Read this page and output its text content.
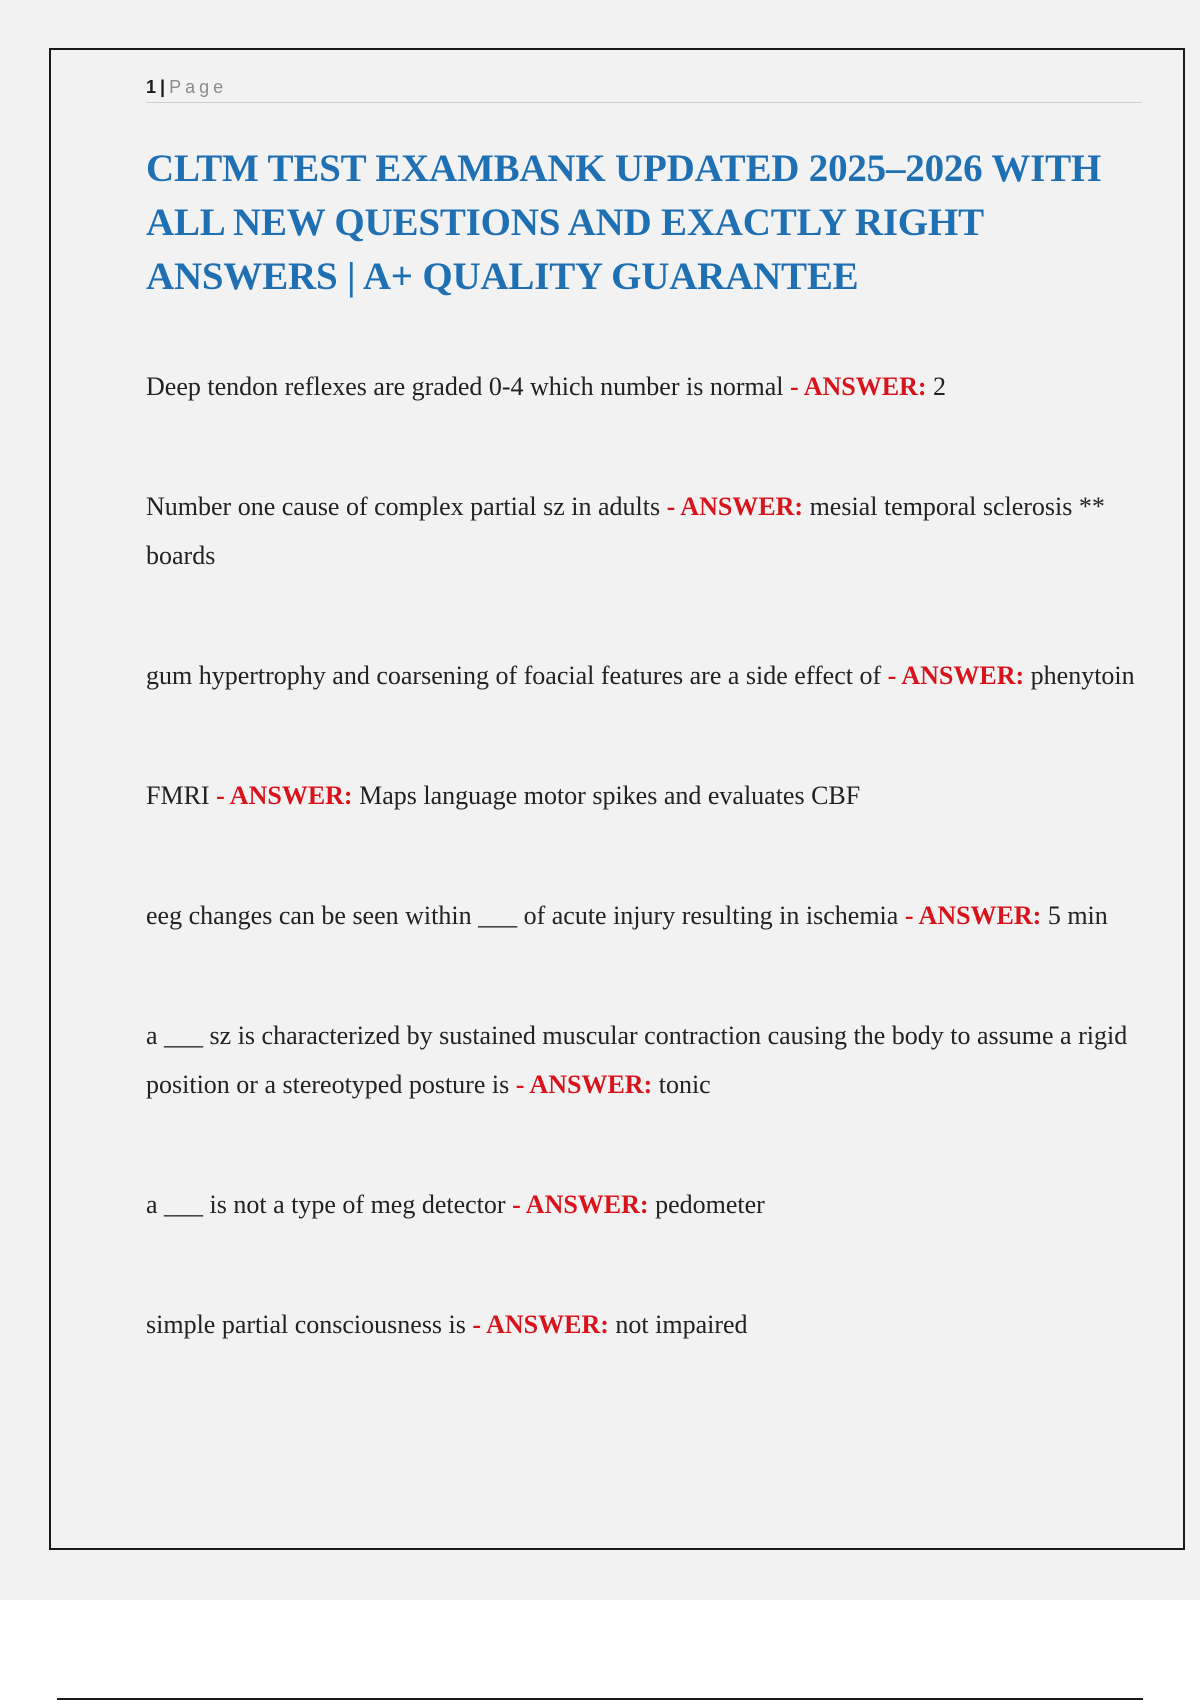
1 | Page
CLTM TEST EXAMBANK UPDATED 2025–2026 WITH ALL NEW QUESTIONS AND EXACTLY RIGHT ANSWERS | A+ QUALITY GUARANTEE

Deep tendon reflexes are graded 0-4 which number is normal - ANSWER: 2

Number one cause of complex partial sz in adults - ANSWER: mesial temporal sclerosis ** boards

gum hypertrophy and coarsening of foacial features are a side effect of - ANSWER: phenytoin

FMRI - ANSWER: Maps language motor spikes and evaluates CBF

eeg changes can be seen within ___ of acute injury resulting in ischemia - ANSWER: 5 min

a ___ sz is characterized by sustained muscular contraction causing the body to assume a rigid position or a stereotyped posture is - ANSWER: tonic

a ___ is not a type of meg detector - ANSWER: pedometer

simple partial consciousness is - ANSWER: not impaired
